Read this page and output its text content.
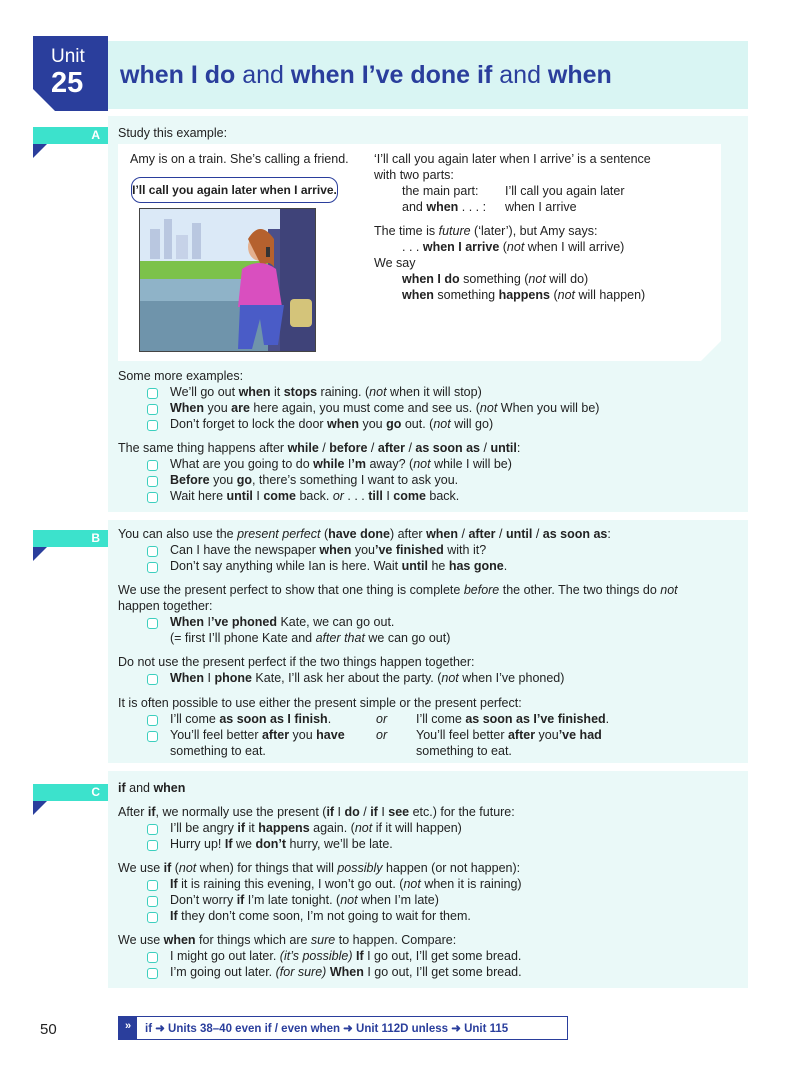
Unit
25 when I do and when I’ve done if and when
A	Study this example:
Amy is on a train. She’s calling a friend.
I’ll call you again later when I arrive.
‘I’ll call you again later when I arrive’ is a sentence
with two parts:
the main part: I’ll call you again later
and when . . . : when I arrive
The time is future (‘later’), but Amy says:
. . . when I arrive (not when I will arrive)
We say
when I do something (not will do)
when something happens (not will happen)
Some more examples:
We’ll go out when it stops raining. (not when it will stop)
When you are here again, you must come and see us. (not When you will be)
Don’t forget to lock the door when you go out. (not will go)
The same thing happens after while / before / after / as soon as / until:
What are you going to do while I’m away? (not while I will be)
Before you go, there’s something I want to ask you.
Wait here until I come back. or . . . till I come back.
B	You can also use the present perfect (have done) after when / after / until / as soon as:
Can I have the newspaper when you’ve finished with it?
Don’t say anything while Ian is here. Wait until he has gone.
We use the present perfect to show that one thing is complete before the other. The two things do not
happen together:
When I’ve phoned Kate, we can go out.
(= first I’ll phone Kate and after that we can go out)
Do not use the present perfect if the two things happen together:
When I phone Kate, I’ll ask her about the party. (not when I’ve phoned)
It is often possible to use either the present simple or the present perfect:
I’ll come as soon as I finish.	or I’ll come as soon as I’ve finished.
You’ll feel better after you have	or You’ll feel better after you’ve had
something to eat.	something to eat.
C	if and when
After if, we normally use the present (if I do / if I see etc.) for the future:
I’ll be angry if it happens again. (not if it will happen)
Hurry up! If we don’t hurry, we’ll be late.
We use if (not when) for things that will possibly happen (or not happen):
If it is raining this evening, I won’t go out. (not when it is raining)
Don’t worry if I’m late tonight. (not when I’m late)
If they don’t come soon, I’m not going to wait for them.
We use when for things which are sure to happen. Compare:
I might go out later. (it’s possible) If I go out, I’ll get some bread.
I’m going out later. (for sure) When I go out, I’ll get some bread.
50	»	if ➜ Units 38–40 even if / even when ➜ Unit 112D unless ➜ Unit 115
